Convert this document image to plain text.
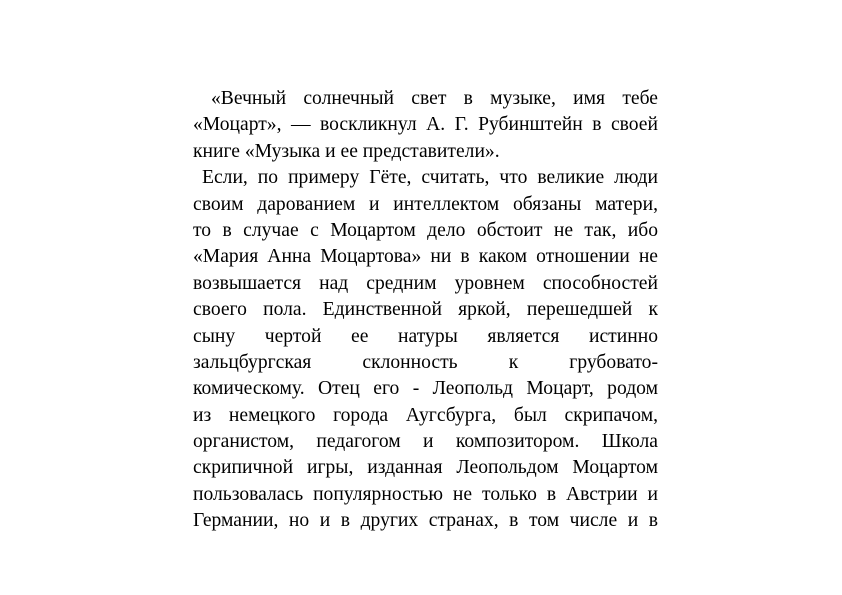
«Вечный солнечный свет в музыке, имя тебе
«Моцарт», — воскликнул А. Г. Рубинштейн в своей
книге «Музыка и ее представители».
Если, по примеру Гёте, считать, что великие люди
своим дарованием и интеллектом обязаны матери,
то в случае с Моцартом дело обстоит не так, ибо
«Мария Анна Моцартова» ни в каком отношении не
возвышается над средним уровнем способностей
своего пола. Единственной яркой, перешедшей к
сыну чертой ее натуры является истинно
зальцбургская склонность к грубовато-
комическому. Отец его - Леопольд Моцарт, родом
из немецкого города Аугсбурга, был скрипачом,
органистом, педагогом и композитором. Школа
скрипичной игры, изданная Леопольдом Моцартом
пользовалась популярностью не только в Австрии и
Германии, но и в других странах, в том числе и в
